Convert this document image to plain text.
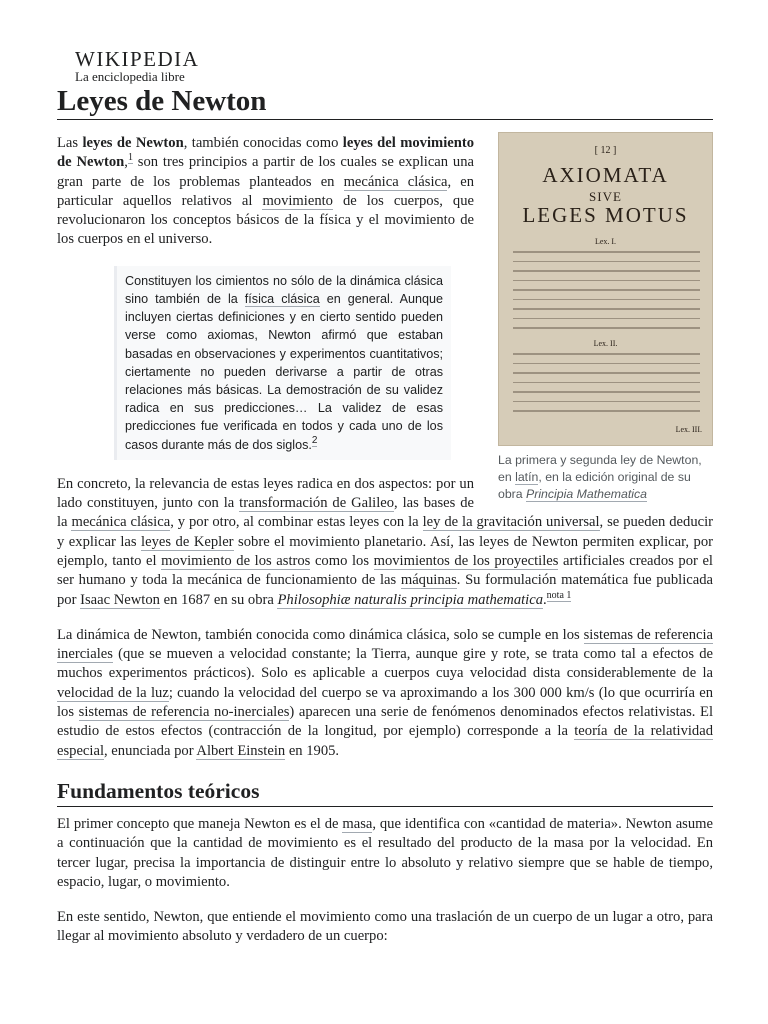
WIKIPEDIA
La enciclopedia libre
Leyes de Newton
[ 12 ]
AXIOMATA
SIVE
LEGES MOTUS
Lex. I.
Lex. II.
Lex. III.
La primera y segunda ley de Newton, en latín, en la edición original de su obra Principia Mathematica

Las leyes de Newton, también conocidas como leyes del movimiento de Newton,$^1$ son tres principios a partir de los cuales se explican una gran parte de los problemas planteados en mecánica clásica, en particular aquellos relativos al movimiento de los cuerpos, que revolucionaron los conceptos básicos de la física y el movimiento de los cuerpos en el universo.

Constituyen los cimientos no sólo de la dinámica clásica sino también de la física clásica en general. Aunque incluyen ciertas definiciones y en cierto sentido pueden verse como axiomas, Newton afirmó que estaban basadas en observaciones y experimentos cuantitativos; ciertamente no pueden derivarse a partir de otras relaciones más básicas. La demostración de su validez radica en sus predicciones… La validez de esas predicciones fue verificada en todos y cada uno de los casos durante más de dos siglos.$^2$

En concreto, la relevancia de estas leyes radica en dos aspectos: por un lado constituyen, junto con la transformación de Galileo, las bases de la mecánica clásica, y por otro, al combinar estas leyes con la ley de la gravitación universal, se pueden deducir y explicar las leyes de Kepler sobre el movimiento planetario. Así, las leyes de Newton permiten explicar, por ejemplo, tanto el movimiento de los astros como los movimientos de los proyectiles artificiales creados por el ser humano y toda la mecánica de funcionamiento de las máquinas. Su formulación matemática fue publicada por Isaac Newton en 1687 en su obra Philosophiæ naturalis principia mathematica.$^{nota 1}$

La dinámica de Newton, también conocida como dinámica clásica, solo se cumple en los sistemas de referencia inerciales (que se mueven a velocidad constante; la Tierra, aunque gire y rote, se trata como tal a efectos de muchos experimentos prácticos). Solo es aplicable a cuerpos cuya velocidad dista considerablemente de la velocidad de la luz; cuando la velocidad del cuerpo se va aproximando a los 300 000 km/s (lo que ocurriría en los sistemas de referencia no-inerciales) aparecen una serie de fenómenos denominados efectos relativistas. El estudio de estos efectos (contracción de la longitud, por ejemplo) corresponde a la teoría de la relatividad especial, enunciada por Albert Einstein en 1905.

Fundamentos teóricos

El primer concepto que maneja Newton es el de masa, que identifica con «cantidad de materia». Newton asume a continuación que la cantidad de movimiento es el resultado del producto de la masa por la velocidad. En tercer lugar, precisa la importancia de distinguir entre lo absoluto y relativo siempre que se hable de tiempo, espacio, lugar, o movimiento.

En este sentido, Newton, que entiende el movimiento como una traslación de un cuerpo de un lugar a otro, para llegar al movimiento absoluto y verdadero de un cuerpo:
